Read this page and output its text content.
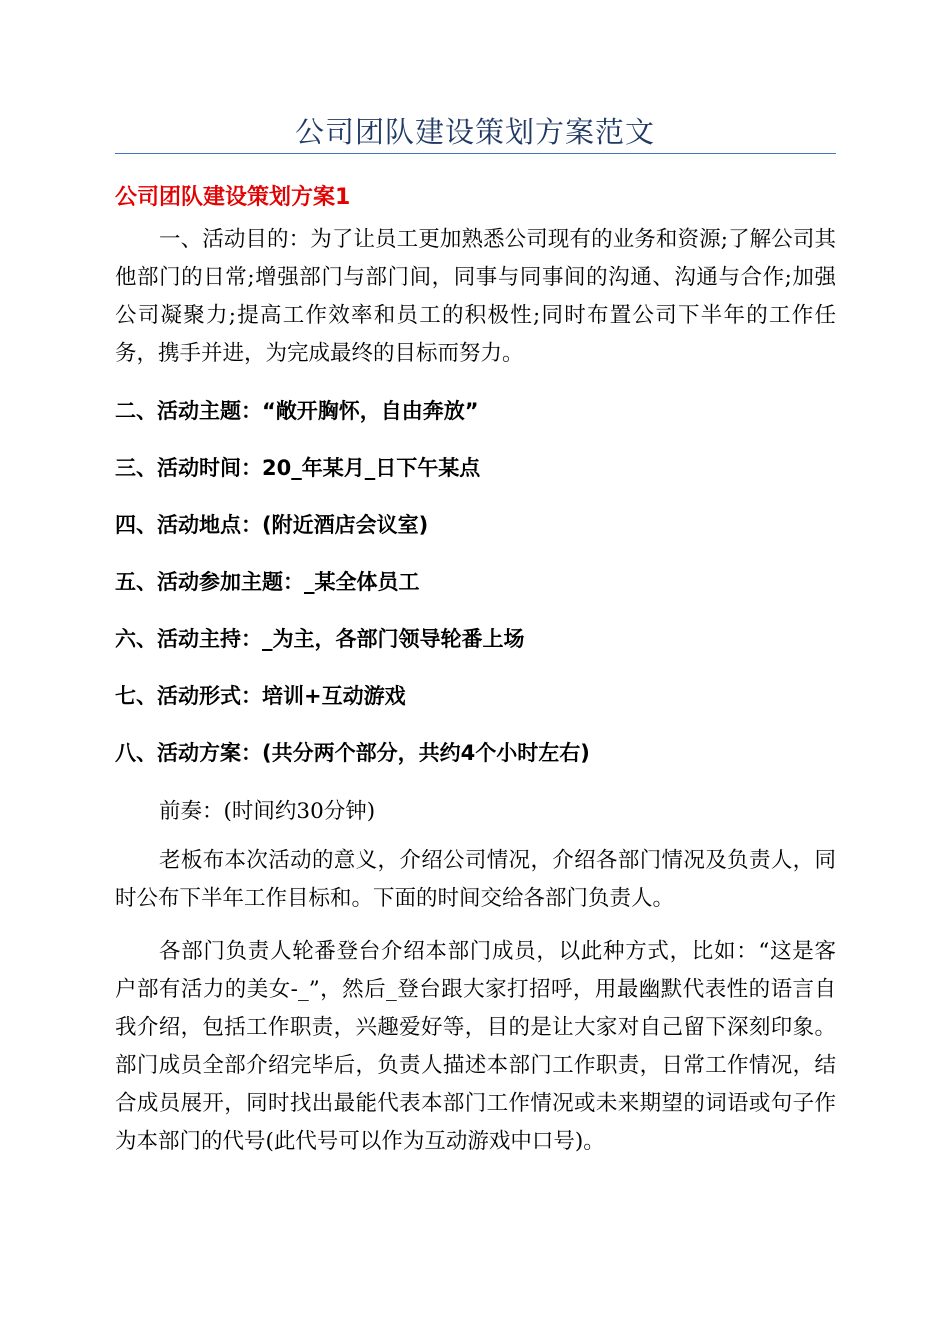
公司团队建设策划方案范文
公司团队建设策划方案1
一、活动目的：为了让员工更加熟悉公司现有的业务和资源;了解公司其他部门的日常;增强部门与部门间，同事与同事间的沟通、沟通与合作;加强公司凝聚力;提高工作效率和员工的积极性;同时布置公司下半年的工作任务，携手并进，为完成最终的目标而努力。
二、活动主题：“敞开胸怀，自由奔放”
三、活动时间：20_年某月_日下午某点
四、活动地点：(附近酒店会议室)
五、活动参加主题：_某全体员工
六、活动主持：_为主，各部门领导轮番上场
七、活动形式：培训+互动游戏
八、活动方案：(共分两个部分，共约4个小时左右)
前奏：(时间约30分钟)
老板布本次活动的意义，介绍公司情况，介绍各部门情况及负责人，同时公布下半年工作目标和。下面的时间交给各部门负责人。
各部门负责人轮番登台介绍本部门成员，以此种方式，比如：“这是客户部有活力的美女-_”，然后_登台跟大家打招呼，用最幽默代表性的语言自我介绍，包括工作职责，兴趣爱好等，目的是让大家对自己留下深刻印象。部门成员全部介绍完毕后，负责人描述本部门工作职责，日常工作情况，结合成员展开，同时找出最能代表本部门工作情况或未来期望的词语或句子作为本部门的代号(此代号可以作为互动游戏中口号)。
